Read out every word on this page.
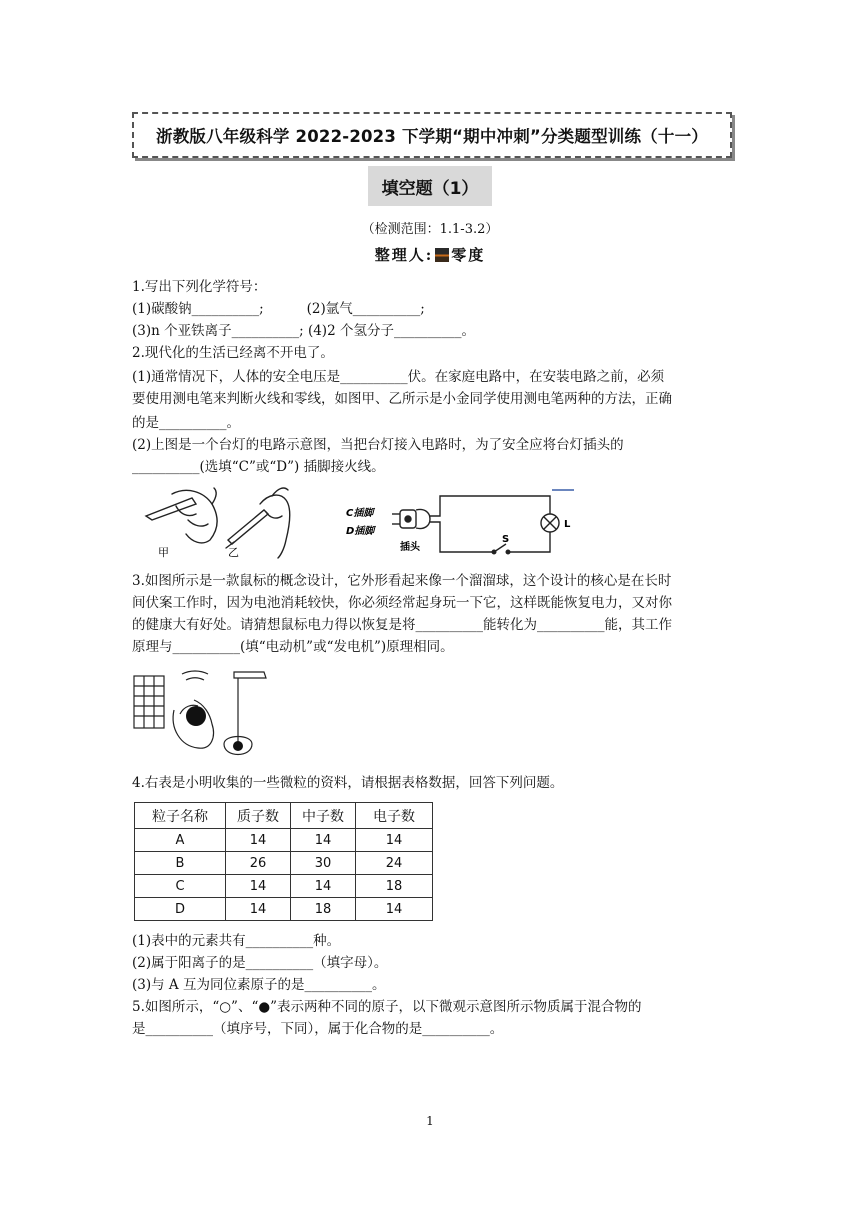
浙教版八年级科学 2022-2023 下学期“期中冲刺”分类题型训练（十一）
填空题（1）
（检测范围：1.1-3.2）
整理人: 零度
1.写出下列化学符号：
(1)碳酸钠__________;          (2)氩气__________;
(3)n 个亚铁离子__________; (4)2 个氢分子__________。
2.现代化的生活已经离不开电了。
(1)通常情况下，人体的安全电压是__________伏。在家庭电路中，在安装电路之前，必须
要使用测电笔来判断火线和零线，如图甲、乙所示是小金同学使用测电笔两种的方法，正确
的是__________。
(2)上图是一个台灯的电路示意图，当把台灯接入电路时，为了安全应将台灯插头的
__________(选填“C”或“D”) 插脚接火线。
甲	乙
C插脚
D插脚
插头
S
L
3.如图所示是一款鼠标的概念设计，它外形看起来像一个溜溜球，这个设计的核心是在长时
间伏案工作时，因为电池消耗较快，你必须经常起身玩一下它，这样既能恢复电力，又对你
的健康大有好处。请猜想鼠标电力得以恢复是将__________能转化为__________能，其工作
原理与__________(填“电动机”或“发电机”)原理相同。
4.右表是小明收集的一些微粒的资料，请根据表格数据，回答下列问题。
粒子名称	质子数	中子数	电子数
A	14	14	14
B	26	30	24
C	14	14	18
D	14	18	14
(1)表中的元素共有__________种。
(2)属于阳离子的是__________（填字母）。
(3)与 A 互为同位素原子的是__________。
5.如图所示，“○”、“●”表示两种不同的原子，以下微观示意图所示物质属于混合物的
是__________（填序号，下同），属于化合物的是__________。
1
